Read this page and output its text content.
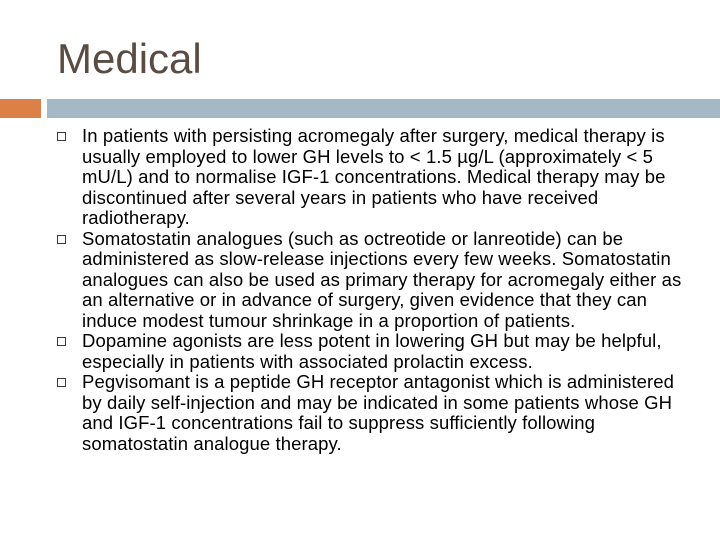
Medical
In patients with persisting acromegaly after surgery, medical therapy is usually employed to lower GH levels to < 1.5 µg/L (approximately < 5 mU/L) and to normalise IGF-1 concentrations. Medical therapy may be discontinued after several years in patients who have received radiotherapy.
Somatostatin analogues (such as octreotide or lanreotide) can be administered as slow-release injections every few weeks. Somatostatin analogues can also be used as primary therapy for acromegaly either as an alternative or in advance of surgery, given evidence that they can induce modest tumour shrinkage in a proportion of patients.
Dopamine agonists are less potent in lowering GH but may be helpful, especially in patients with associated prolactin excess.
Pegvisomant is a peptide GH receptor antagonist which is administered by daily self-injection and may be indicated in some patients whose GH and IGF-1 concentrations fail to suppress sufficiently following somatostatin analogue therapy.
